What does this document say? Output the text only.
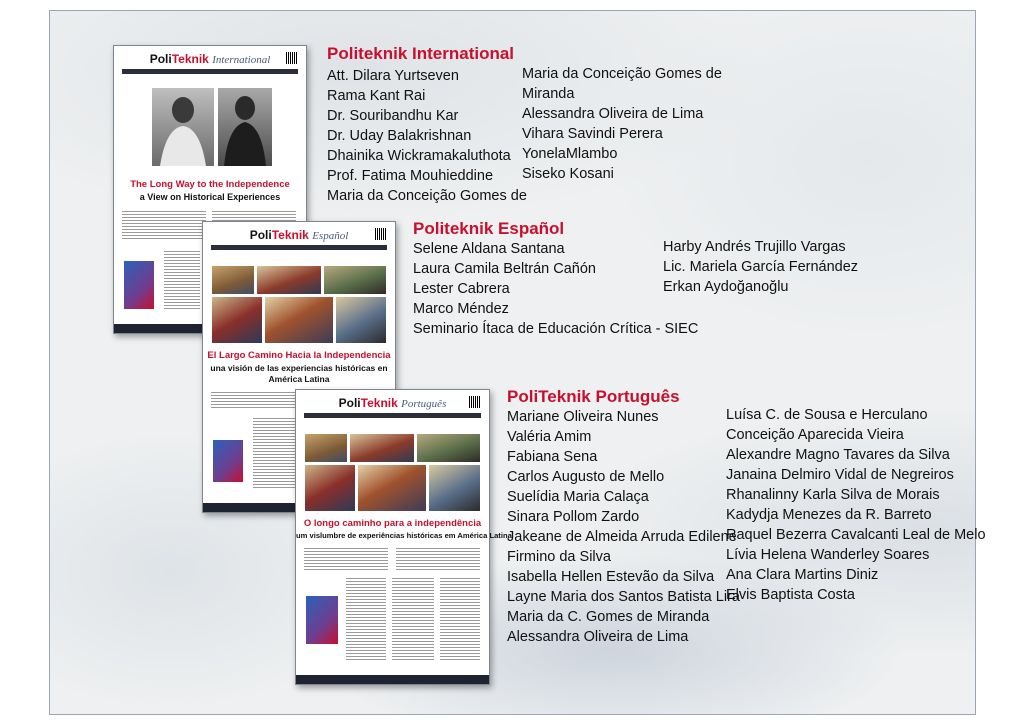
PoliTeknik International
The Long Way to the Independence
a View on Historical Experiences
PoliTeknik Español
El Largo Camino Hacia la Independencia
una visión de las experiencias históricas en
América Latina
PoliTeknik Português
O longo caminho para a independência
um vislumbre de experiências históricas em América Latina
Politeknik International
Att. Dilara Yurtseven
Rama Kant Rai
Dr. Souribandhu Kar
Dr. Uday Balakrishnan
Dhainika Wickramakaluthota
Prof. Fatima Mouhieddine
Maria da Conceição Gomes de
Maria da Conceição Gomes de
Miranda
Alessandra Oliveira de Lima
Vihara Savindi Perera
YonelaMlambo
Siseko Kosani
Politeknik Español
Selene Aldana Santana
Laura Camila Beltrán Cañón
Lester Cabrera
Marco Méndez
Seminario Ítaca de Educación Crítica - SIEC
Harby Andrés Trujillo Vargas
Lic. Mariela García Fernández
Erkan Aydoğanoğlu
PoliTeknik Português
Mariane Oliveira Nunes
Valéria Amim
Fabiana Sena
Carlos Augusto de Mello
Suelídia Maria Calaça
Sinara Pollom Zardo
Jakeane de Almeida Arruda Edilene
Firmino da Silva
Isabella Hellen Estevão da Silva
Layne Maria dos Santos Batista Lira
Maria da C. Gomes de Miranda
Alessandra Oliveira de Lima
Luísa C. de Sousa e Herculano
Conceição Aparecida Vieira
Alexandre Magno Tavares da Silva
Janaina Delmiro Vidal de Negreiros
Rhanalinny Karla Silva de Morais
Kadydja Menezes da R. Barreto
Raquel Bezerra Cavalcanti Leal de Melo
Lívia Helena Wanderley Soares
Ana Clara Martins Diniz
Elvis Baptista Costa
